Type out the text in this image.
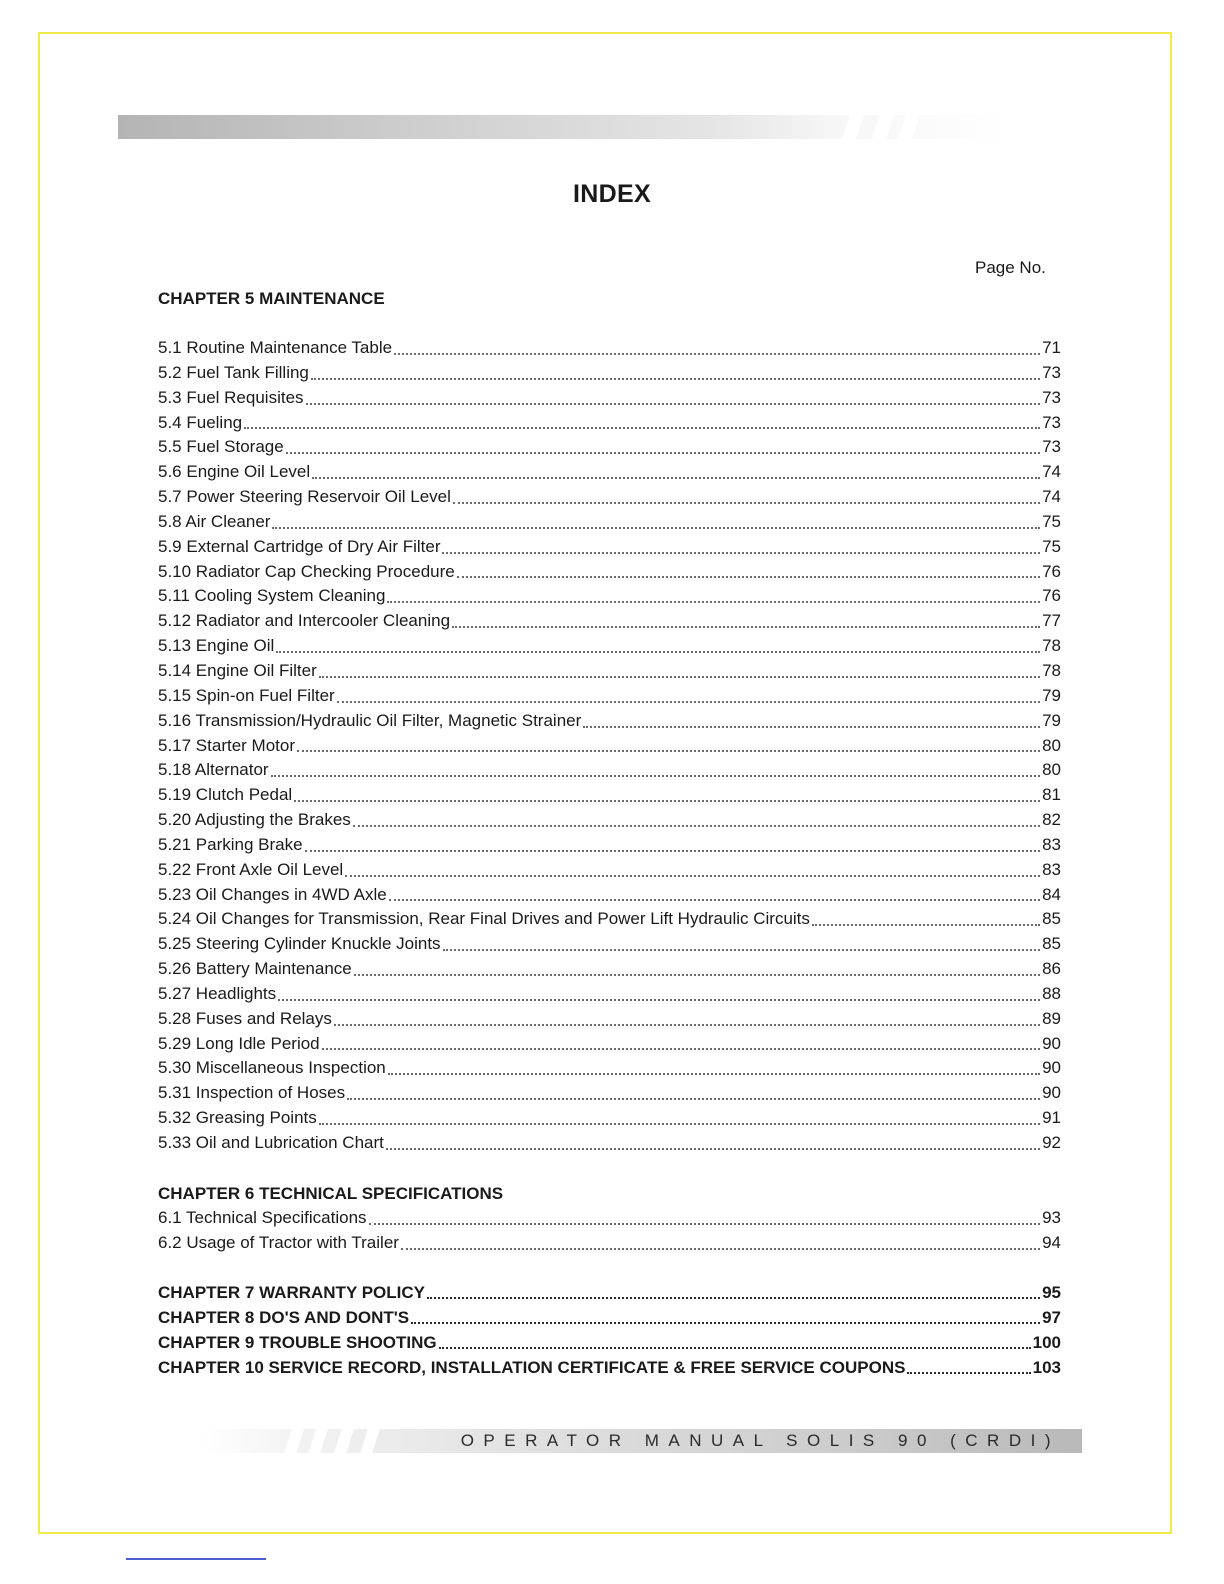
INDEX
Page No.
CHAPTER 5 MAINTENANCE
5.1 Routine Maintenance Table	71
5.2 Fuel Tank Filling	73
5.3 Fuel Requisites	73
5.4 Fueling	73
5.5 Fuel Storage	73
5.6 Engine Oil Level	74
5.7 Power Steering Reservoir Oil Level	74
5.8 Air Cleaner	75
5.9 External Cartridge of Dry Air Filter	75
5.10 Radiator Cap Checking Procedure	76
5.11 Cooling System Cleaning	76
5.12 Radiator and Intercooler Cleaning	77
5.13 Engine Oil	78
5.14 Engine Oil Filter	78
5.15 Spin-on Fuel Filter	79
5.16 Transmission/Hydraulic Oil Filter, Magnetic Strainer	79
5.17 Starter Motor	80
5.18 Alternator	80
5.19 Clutch Pedal	81
5.20 Adjusting the Brakes	82
5.21 Parking Brake	83
5.22 Front Axle Oil Level	83
5.23 Oil Changes in 4WD Axle	84
5.24 Oil Changes for Transmission, Rear Final Drives and Power Lift Hydraulic Circuits	85
5.25 Steering Cylinder Knuckle Joints	85
5.26 Battery Maintenance	86
5.27 Headlights	88
5.28 Fuses and Relays	89
5.29 Long Idle Period	90
5.30 Miscellaneous Inspection	90
5.31 Inspection of Hoses	90
5.32 Greasing Points	91
5.33 Oil and Lubrication Chart	92
CHAPTER 6 TECHNICAL SPECIFICATIONS
6.1 Technical Specifications	93
6.2 Usage of Tractor with Trailer	94
CHAPTER 7 WARRANTY POLICY	95
CHAPTER 8 DO'S AND DONT'S	97
CHAPTER 9 TROUBLE SHOOTING	100
CHAPTER 10 SERVICE RECORD, INSTALLATION CERTIFICATE & FREE SERVICE COUPONS	103
OPERATOR MANUAL SOLIS 90 (CRDI)
